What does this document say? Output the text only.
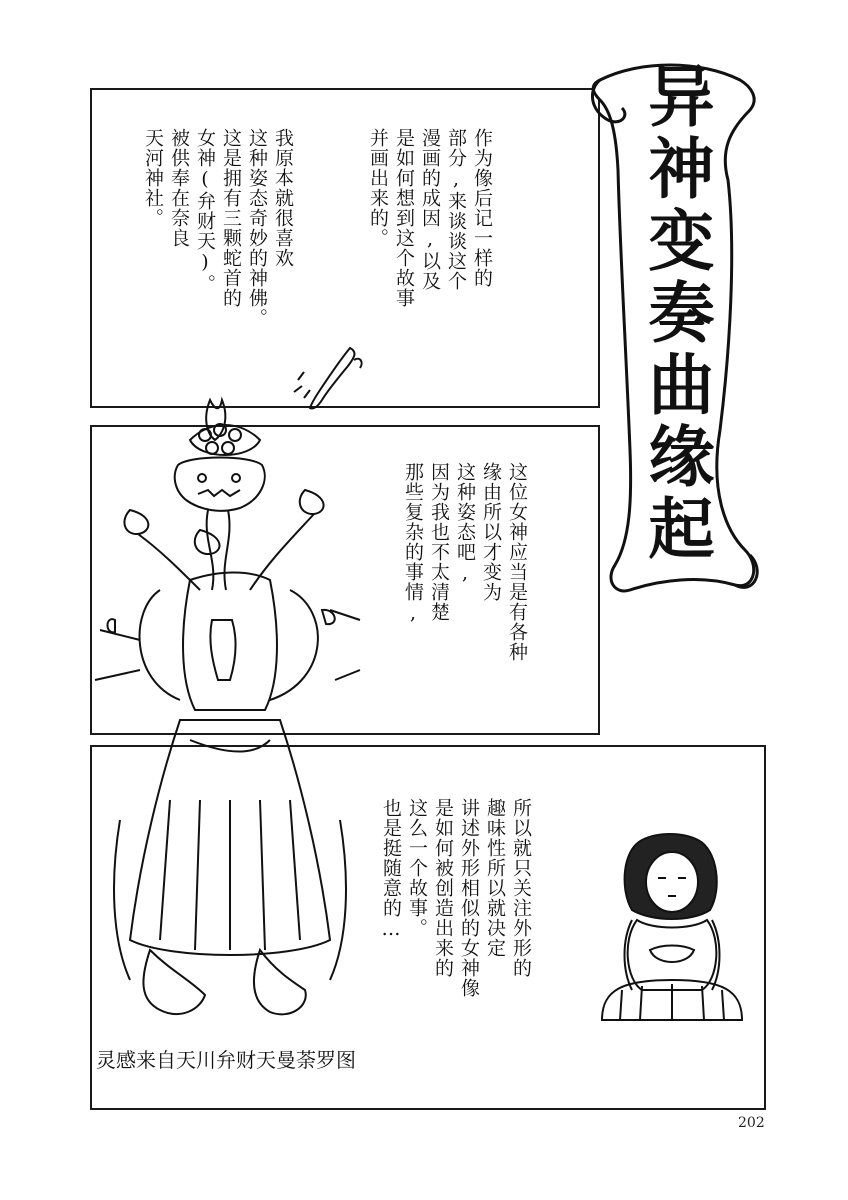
作为像后记一样的
部分,来谈谈这个
漫画的成因,以及
是如何想到这个故事
并画出来的。
我原本就很喜欢
这种姿态奇妙的神佛。
这是拥有三颗蛇首的
女神(弁财天)。
被供奉在奈良
天河神社。	异神变奏曲缘起
这位女神应当是有各种
缘由所以才变为
这种姿态吧,
因为我也不太清楚
那些复杂的事情,
所以就只关注外形的
趣味性所以就决定
讲述外形相似的女神像
是如何被创造出来的
这么一个故事。
也是挺随意的…
灵感来自天川弁财天曼荼罗图
202
